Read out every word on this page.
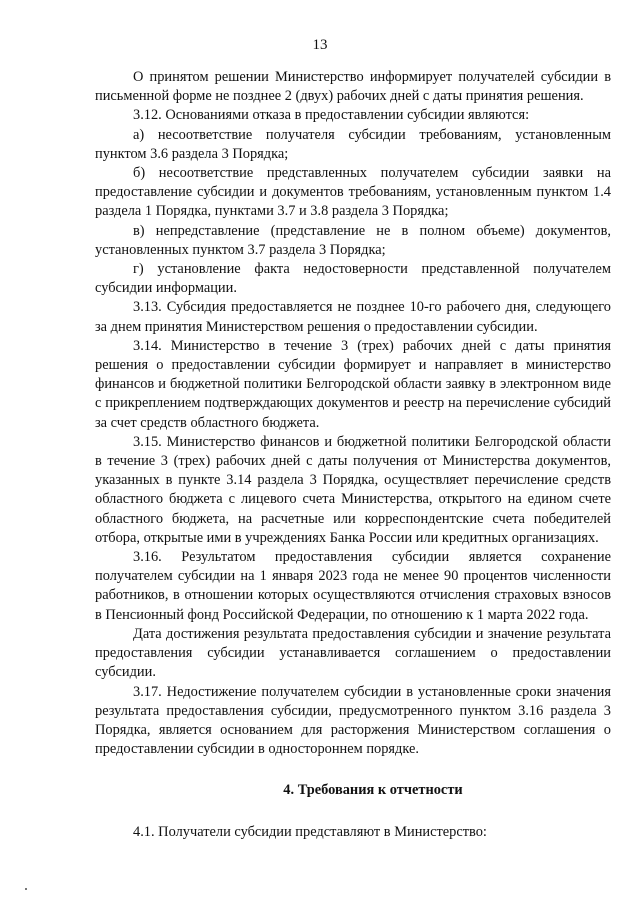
13

О принятом решении Министерство информирует получателей субсидии в письменной форме не позднее 2 (двух) рабочих дней с даты принятия решения.

3.12. Основаниями отказа в предоставлении субсидии являются:

а) несоответствие получателя субсидии требованиям, установленным пунктом 3.6 раздела 3 Порядка;

б) несоответствие представленных получателем субсидии заявки на предоставление субсидии и документов требованиям, установленным пунктом 1.4 раздела 1 Порядка, пунктами 3.7 и 3.8 раздела 3 Порядка;

в) непредставление (представление не в полном объеме) документов, установленных пунктом 3.7 раздела 3 Порядка;

г) установление факта недостоверности представленной получателем субсидии информации.

3.13. Субсидия предоставляется не позднее 10-го рабочего дня, следующего за днем принятия Министерством решения о предоставлении субсидии.

3.14. Министерство в течение 3 (трех) рабочих дней с даты принятия решения о предоставлении субсидии формирует и направляет в министерство финансов и бюджетной политики Белгородской области заявку в электронном виде с прикреплением подтверждающих документов и реестр на перечисление субсидий за счет средств областного бюджета.

3.15. Министерство финансов и бюджетной политики Белгородской области в течение 3 (трех) рабочих дней с даты получения от Министерства документов, указанных в пункте 3.14 раздела 3 Порядка, осуществляет перечисление средств областного бюджета с лицевого счета Министерства, открытого на едином счете областного бюджета, на расчетные или корреспондентские счета победителей отбора, открытые ими в учреждениях Банка России или кредитных организациях.

3.16. Результатом предоставления субсидии является сохранение получателем субсидии на 1 января 2023 года не менее 90 процентов численности работников, в отношении которых осуществляются отчисления страховых взносов в Пенсионный фонд Российской Федерации, по отношению к 1 марта 2022 года.

Дата достижения результата предоставления субсидии и значение результата предоставления субсидии устанавливается соглашением о предоставлении субсидии.

3.17. Недостижение получателем субсидии в установленные сроки значения результата предоставления субсидии, предусмотренного пунктом 3.16 раздела 3 Порядка, является основанием для расторжения Министерством соглашения о предоставлении субсидии в одностороннем порядке.

4. Требования к отчетности

4.1. Получатели субсидии представляют в Министерство:
